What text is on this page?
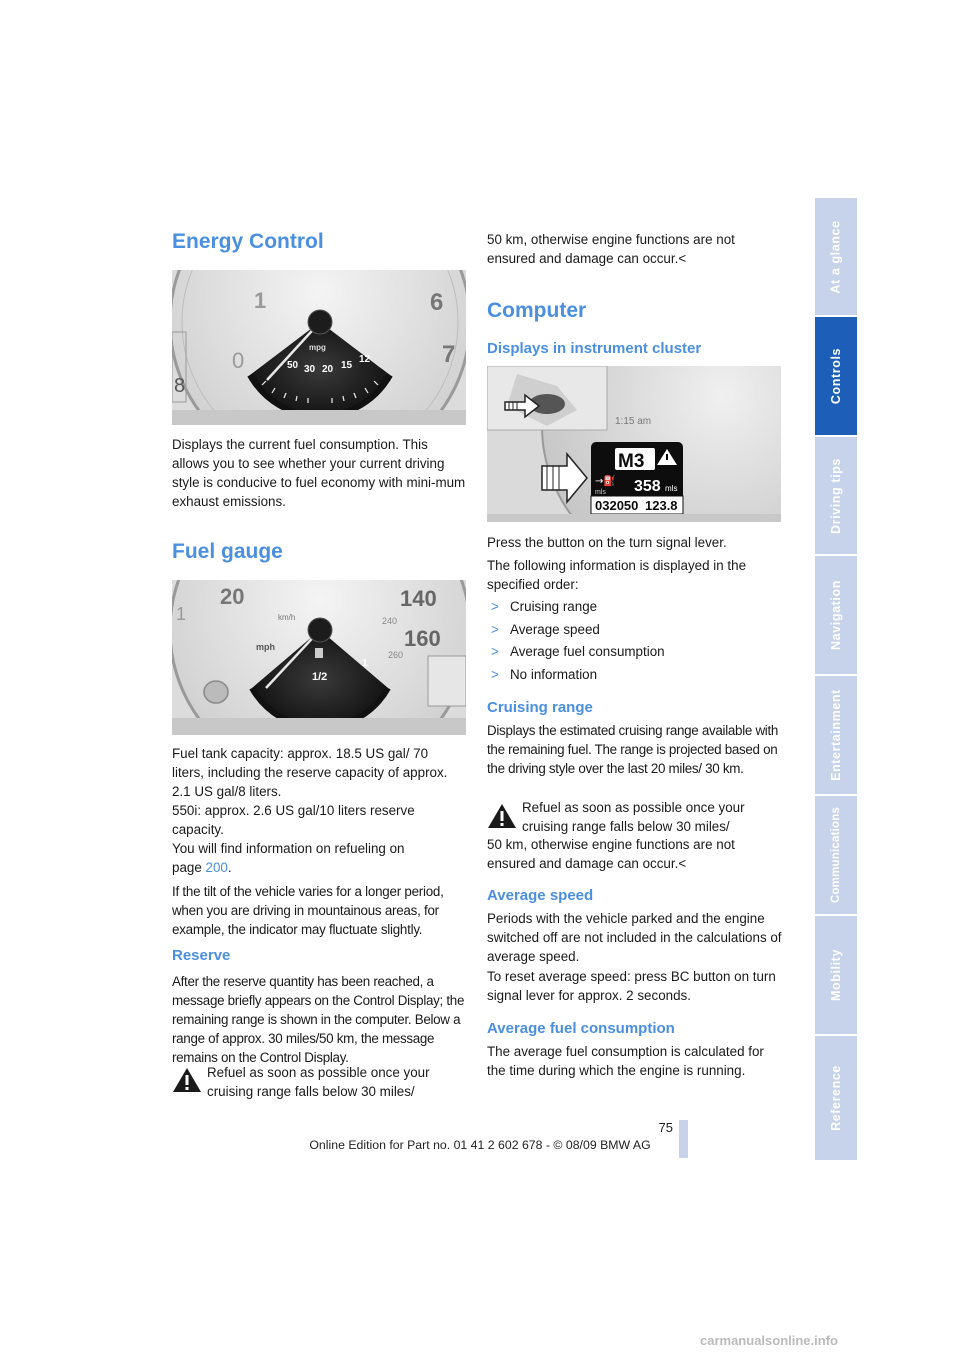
Energy Control
1	6
7
0
8
50 30 20 15
12
mpg

Displays the current fuel consumption. This allows you to see whether your current driving style is conducive to fuel economy with mini-mum exhaust emissions.

Fuel gauge
20	140
160
240
260
mph
km/h
1/2
1
1

Fuel tank capacity: approx. 18.5 US gal/ 70 liters, including the reserve capacity of approx. 2.1 US gal/8 liters.

550i: approx. 2.6 US gal/10 liters reserve capacity.

You will find information on refueling on page 200.

If the tilt of the vehicle varies for a longer period, when you are driving in mountainous areas, for example, the indicator may fluctuate slightly.

Reserve

After the reserve quantity has been reached, a message briefly appears on the Control Display; the remaining range is shown in the computer. Below a range of approx. 30 miles/50 km, the message remains on the Control Display.

Refuel as soon as possible once your cruising range falls below 30 miles/

50 km, otherwise engine functions are not ensured and damage can occur.<

Computer
Displays in instrument cluster
1:15 am
M3
→⛽
mls 358 mls
032050 123.8

Press the button on the turn signal lever.

The following information is displayed in the specified order:

> Cruising range
> Average speed
> Average fuel consumption
> No information
Cruising range

Displays the estimated cruising range available with the remaining fuel. The range is projected based on the driving style over the last 20 miles/ 30 km.

Refuel as soon as possible once your cruising range falls below 30 miles/

50 km, otherwise engine functions are not ensured and damage can occur.<

Average speed

Periods with the vehicle parked and the engine switched off are not included in the calculations of average speed.

To reset average speed: press BC button on turn signal lever for approx. 2 seconds.

Average fuel consumption

The average fuel consumption is calculated for the time during which the engine is running.

At a glance
Controls
Driving tips
Navigation
Entertainment
Communications
Mobility
Reference
75
Online Edition for Part no. 01 41 2 602 678 - © 08/09 BMW AG
carmanualsonline.info
